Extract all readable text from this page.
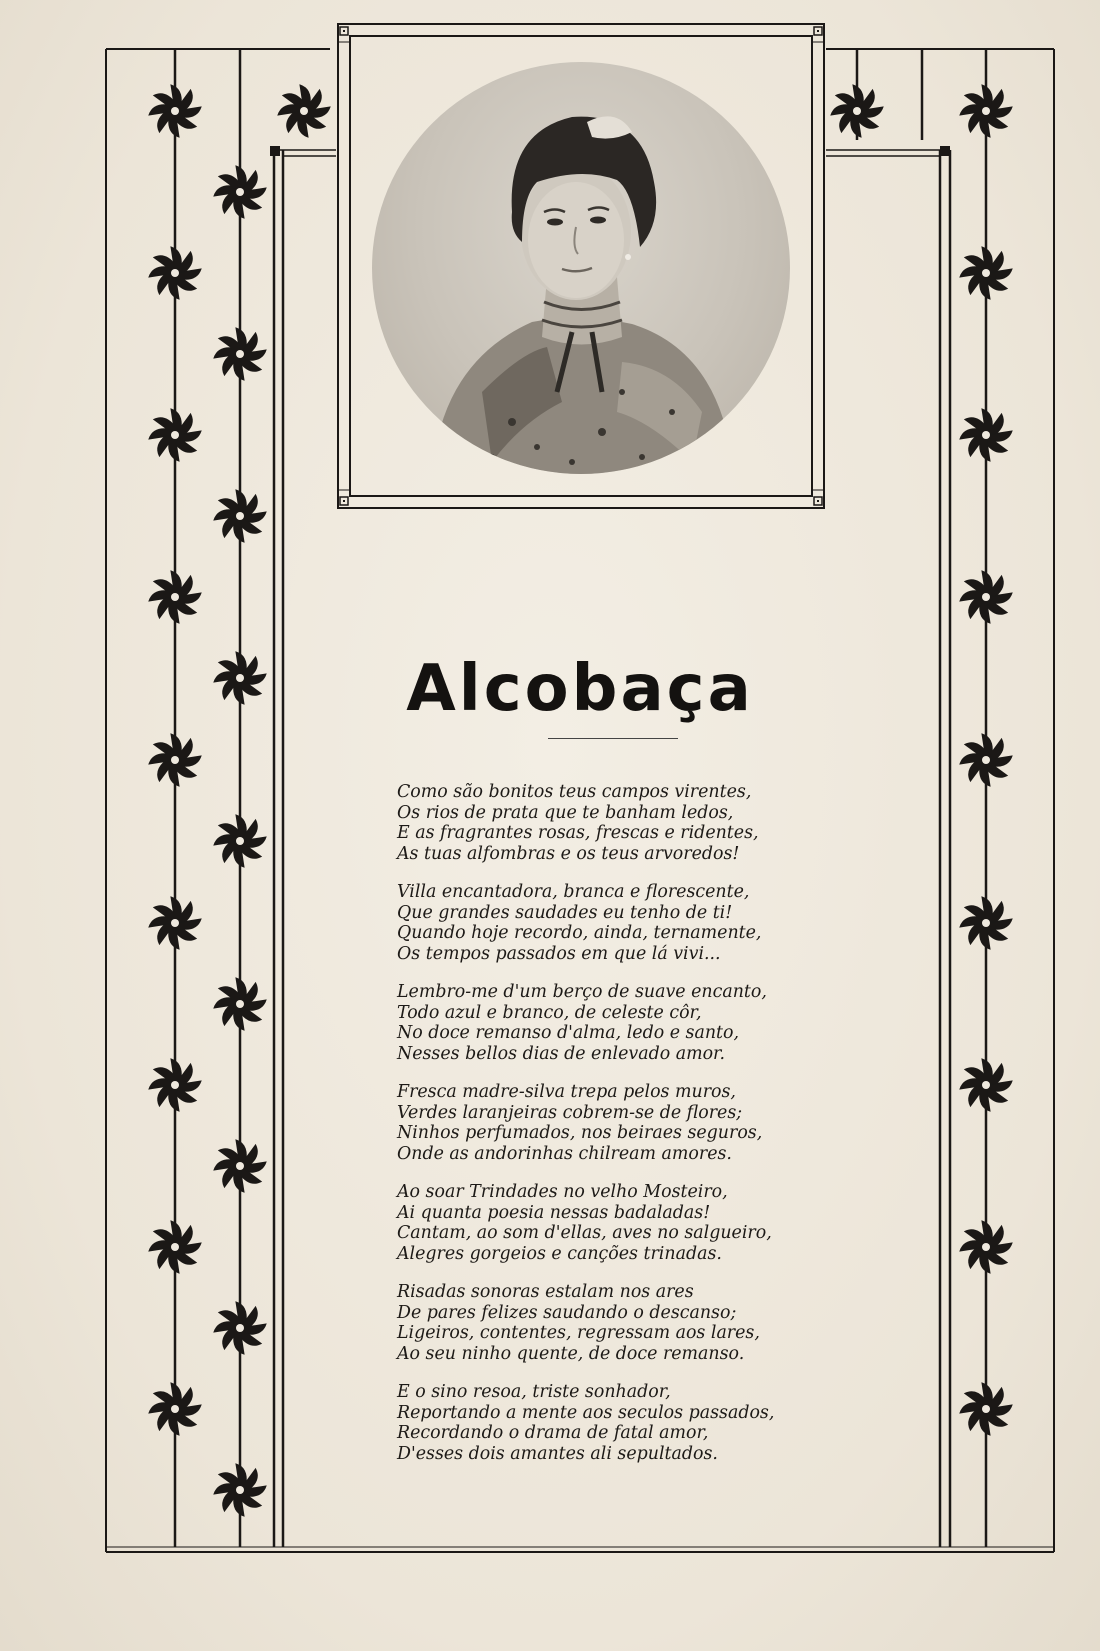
Alcobaça
Como são bonitos teus campos virentes,
Os rios de prata que te banham ledos,
E as fragrantes rosas, frescas e ridentes,
As tuas alfombras e os teus arvoredos!
Villa encantadora, branca e florescente,
Que grandes saudades eu tenho de ti!
Quando hoje recordo, ainda, ternamente,
Os tempos passados em que lá vivi...
Lembro-me d'um berço de suave encanto,
Todo azul e branco, de celeste côr,
No doce remanso d'alma, ledo e santo,
Nesses bellos dias de enlevado amor.
Fresca madre-silva trepa pelos muros,
Verdes laranjeiras cobrem-se de flores;
Ninhos perfumados, nos beiraes seguros,
Onde as andorinhas chilream amores.
Ao soar Trindades no velho Mosteiro,
Ai quanta poesia nessas badaladas!
Cantam, ao som d'ellas, aves no salgueiro,
Alegres gorgeios e canções trinadas.
Risadas sonoras estalam nos ares
De pares felizes saudando o descanso;
Ligeiros, contentes, regressam aos lares,
Ao seu ninho quente, de doce remanso.
E o sino resoa, triste sonhador,
Reportando a mente aos seculos passados,
Recordando o drama de fatal amor,
D'esses dois amantes ali sepultados.
